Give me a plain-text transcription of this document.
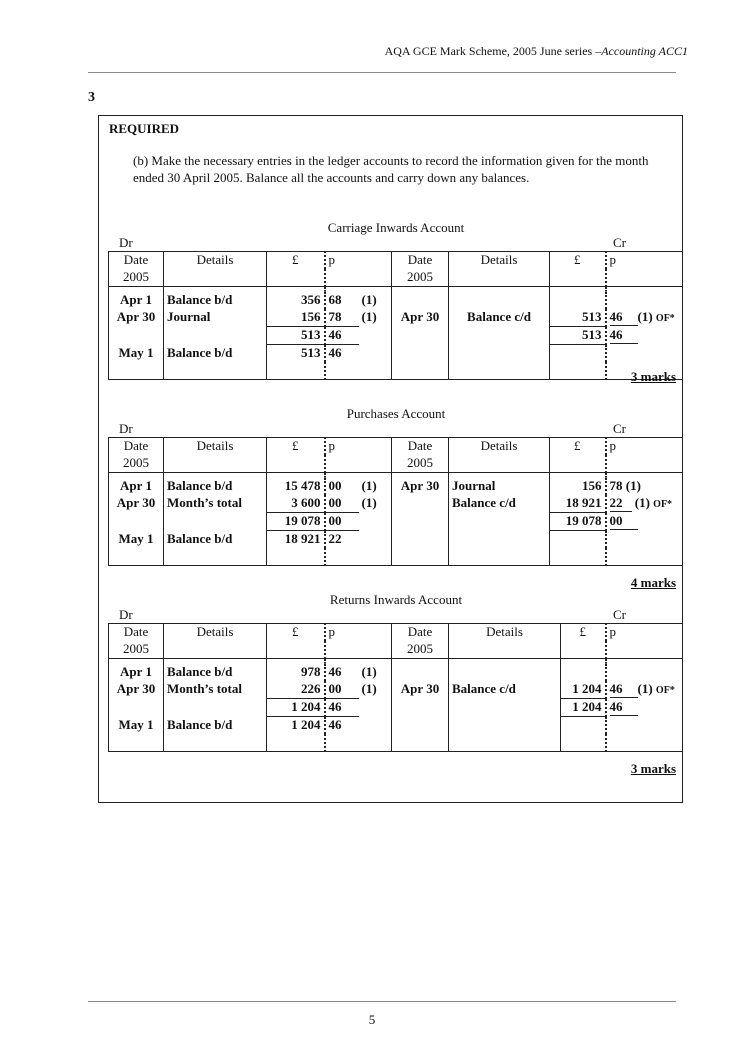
AQA GCE Mark Scheme, 2005 June series –Accounting ACC1
3
REQUIRED
(b) Make the necessary entries in the ledger accounts to record the information given for the month ended 30 April 2005. Balance all the accounts and carry down any balances.
Carriage Inwards Account
Dr	Cr
Date	Details	£	p		Date	Details	£	p
2005					2005			

Apr 1	Balance b/d	356	68	(1)				
Apr 30	Journal	156	78	(1)	Apr 30	Balance c/d	513	46 (1) OF*
		513	46				513	46
May 1	Balance b/d	513	46					

3 marks
Purchases Account
Dr	Cr
Date	Details	£	p		Date	Details	£	p
2005					2005			

Apr 1	Balance b/d	15 478	00	(1)	Apr 30	Journal	156	78 (1)
Apr 30	Month’s total	3 600	00	(1)		Balance c/d	18 921	22 (1) OF*
		19 078	00				19 078	00
May 1	Balance b/d	18 921	22					

4 marks
Returns Inwards Account
Dr	Cr
Date	Details	£	p		Date	Details	£	p
2005					2005			

Apr 1	Balance b/d	978	46	(1)				
Apr 30	Month’s total	226	00	(1)	Apr 30	Balance c/d	1 204	46 (1) OF*
		1 204	46				1 204	46
May 1	Balance b/d	1 204	46					

3 marks
5
